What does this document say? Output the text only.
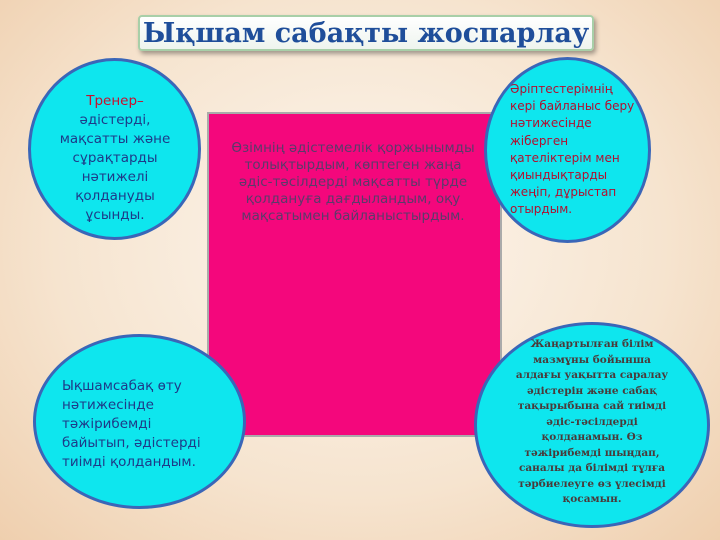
Ықшам сабақты жоспарлау
Өзімнің әдістемелік қоржынымды
толықтырдым, көптеген жаңа
әдіс-тәсілдерді мақсатты түрде
қолдануға дағдыландым, оқу
мақсатымен байланыстырдым.
Тренер–
әдістерді,
мақсатты және
сұрақтарды
нәтижелі
қолдануды
ұсынды.
Әріптестерімнің
кері байланыс беру
нәтижесінде
жіберген
қателіктерім мен
қиындықтарды
жеңіп, дұрыстап
отырдым.
Ықшамсабақ өту
нәтижесінде
тәжірибемді
байытып, әдістерді
тиімді қолдандым.
Жаңартылған білім
мазмұны бойынша
алдағы уақытта саралау
әдістерін және сабақ
тақырыбына сай тиімді
әдіс-тәсілдерді
қолданамын. Өз
тәжірибемді шыңдап,
саналы да білімді тұлға
тәрбиелеуге өз үлесімді
қосамын.
